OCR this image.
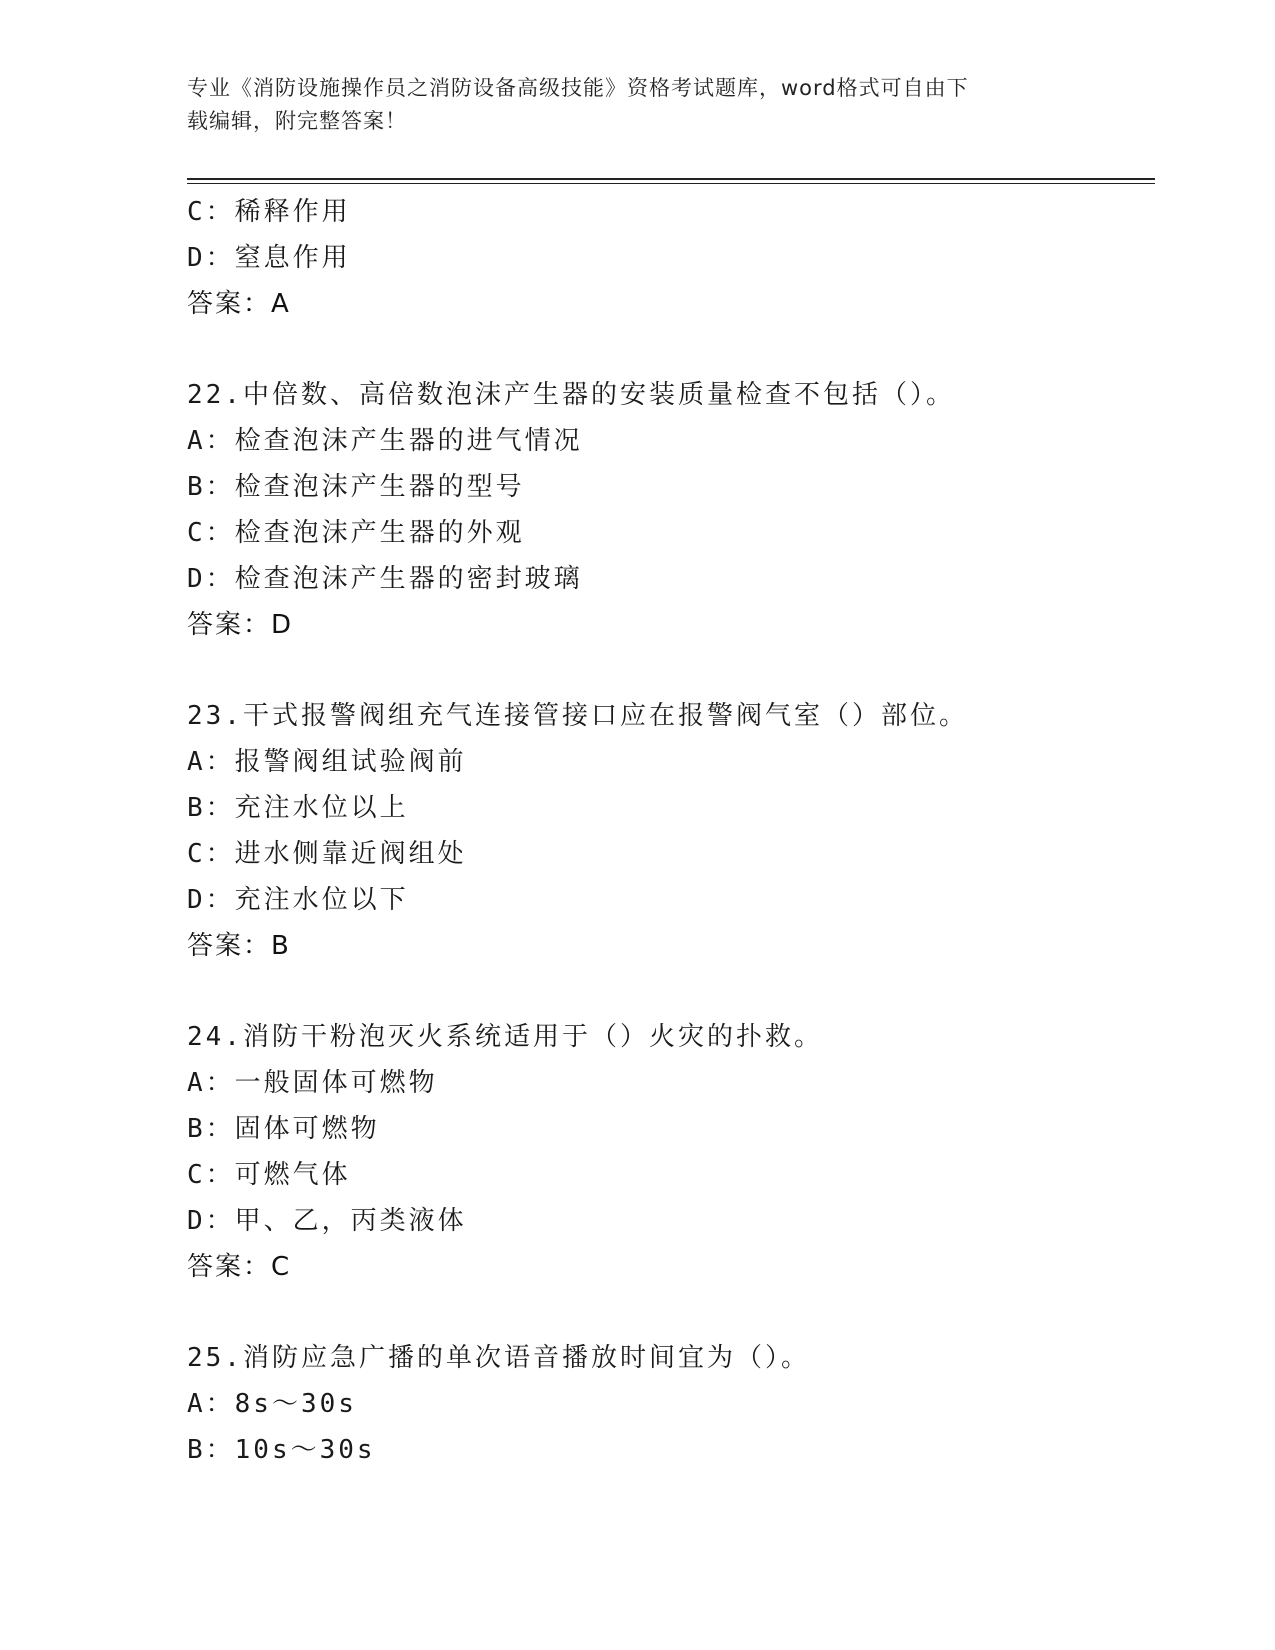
专业《消防设施操作员之消防设备高级技能》资格考试题库，word格式可自由下
载编辑，附完整答案！
C：稀释作用
D：窒息作用
答案：A
22.中倍数、高倍数泡沫产生器的安装质量检查不包括（）。
A：检查泡沫产生器的进气情况
B：检查泡沫产生器的型号
C：检查泡沫产生器的外观
D：检查泡沫产生器的密封玻璃
答案：D
23.干式报警阀组充气连接管接口应在报警阀气室（）部位。
A：报警阀组试验阀前
B：充注水位以上
C：进水侧靠近阀组处
D：充注水位以下
答案：B
24.消防干粉泡灭火系统适用于（）火灾的扑救。
A：一般固体可燃物
B：固体可燃物
C：可燃气体
D：甲、乙，丙类液体
答案：C
25.消防应急广播的单次语音播放时间宜为（）。
A：8s～30s
B：10s～30s
